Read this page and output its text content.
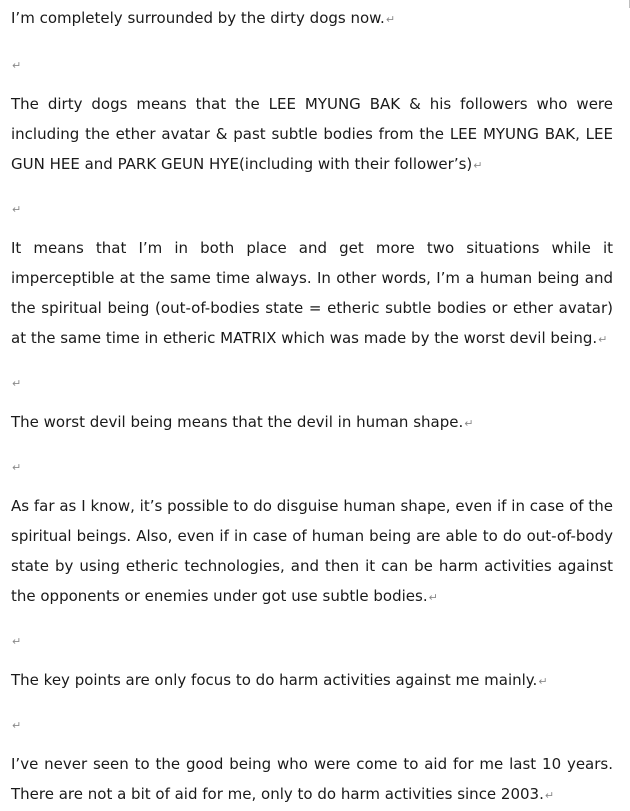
I’m completely surrounded by the dirty dogs now.↵

↵

The dirty dogs means that the LEE MYUNG BAK & his followers who were including the ether avatar & past subtle bodies from the LEE MYUNG BAK, LEE GUN HEE and PARK GEUN HYE(including with their follower’s)↵

↵

It means that I’m in both place and get more two situations while it imperceptible at the same time always. In other words, I’m a human being and the spiritual being (out-of-bodies state = etheric subtle bodies or ether avatar) at the same time in etheric MATRIX which was made by the worst devil being.↵

↵

The worst devil being means that the devil in human shape.↵

↵

As far as I know, it’s possible to do disguise human shape, even if in case of the spiritual beings. Also, even if in case of human being are able to do out-of-body state by using etheric technologies, and then it can be harm activities against the opponents or enemies under got use subtle bodies.↵

↵

The key points are only focus to do harm activities against me mainly.↵

↵

I’ve never seen to the good being who were come to aid for me last 10 years. There are not a bit of aid for me, only to do harm activities since 2003.↵
